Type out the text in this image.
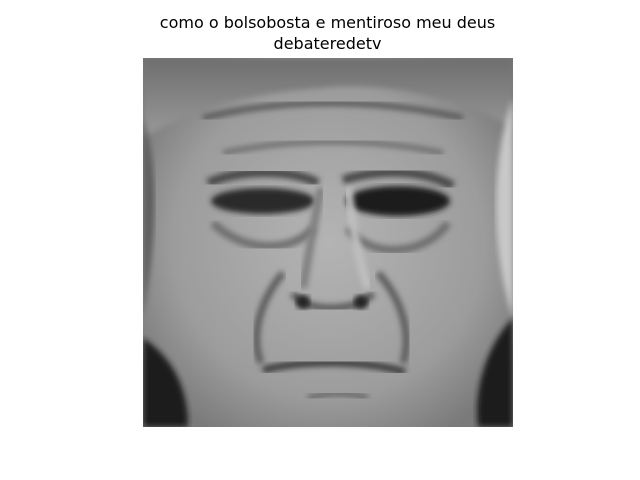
como o bolsobosta e mentiroso meu deus
debateredetv
